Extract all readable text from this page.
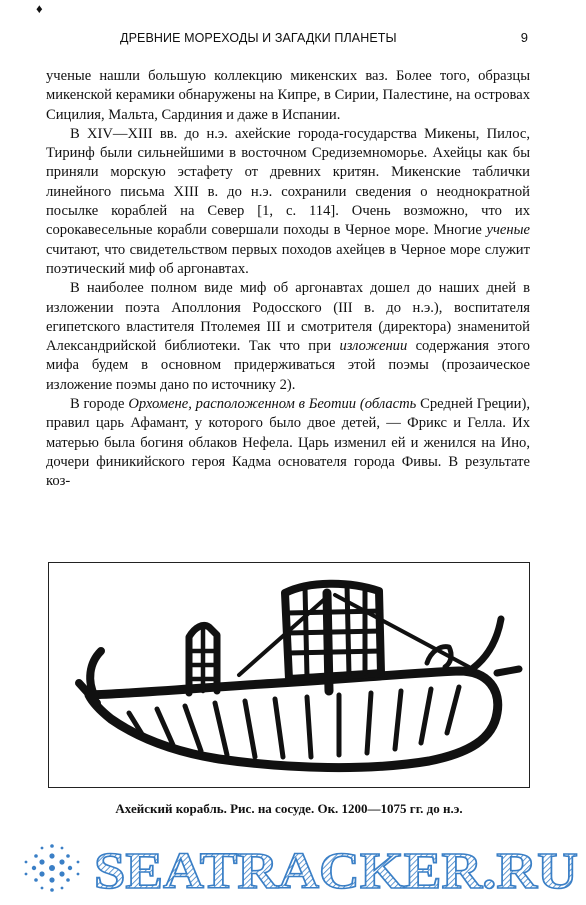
♦
ДРЕВНИЕ МОРЕХОДЫ И ЗАГАДКИ ПЛАНЕТЫ	9

ученые нашли большую коллекцию микенских ваз. Более того, образцы микенской керамики обнаружены на Кипре, в Сирии, Палестине, на островах Сицилия, Мальта, Сардиния и даже в Испании.

В XIV—XIII вв. до н.э. ахейские города-государства Микены, Пилос, Тиринф были сильнейшими в восточном Средиземноморье. Ахейцы как бы приняли морскую эстафету от древних критян. Микенские таблички линейного письма XIII в. до н.э. сохранили сведения о неоднократной посылке кораблей на Север [1, с. 114]. Очень возможно, что их сорокавесельные корабли совершали походы в Черное море. Многие ученые считают, что свидетельством первых походов ахейцев в Черное море служит поэтический миф об аргонавтах.

В наиболее полном виде миф об аргонавтах дошел до наших дней в изложении поэта Аполлония Родосского (III в. до н.э.), воспитателя египетского властителя Птолемея III и смотрителя (директора) знаменитой Александрийской библиотеки. Так что при изложении содержания этого мифа будем в основном придерживаться этой поэмы (прозаическое изложение поэмы дано по источнику 2).

В городе Орхомене, расположенном в Беотии (область Средней Греции), правил царь Афамант, у которого было двое детей, — Фрикс и Гелла. Их матерью была богиня облаков Нефела. Царь изменил ей и женился на Ино, дочери финикийского героя Кадма основателя города Фивы. В результате коз-

Ахейский корабль. Рис. на сосуде. Ок. 1200—1075 гг. до н.э.
SEATRACKER.RU
